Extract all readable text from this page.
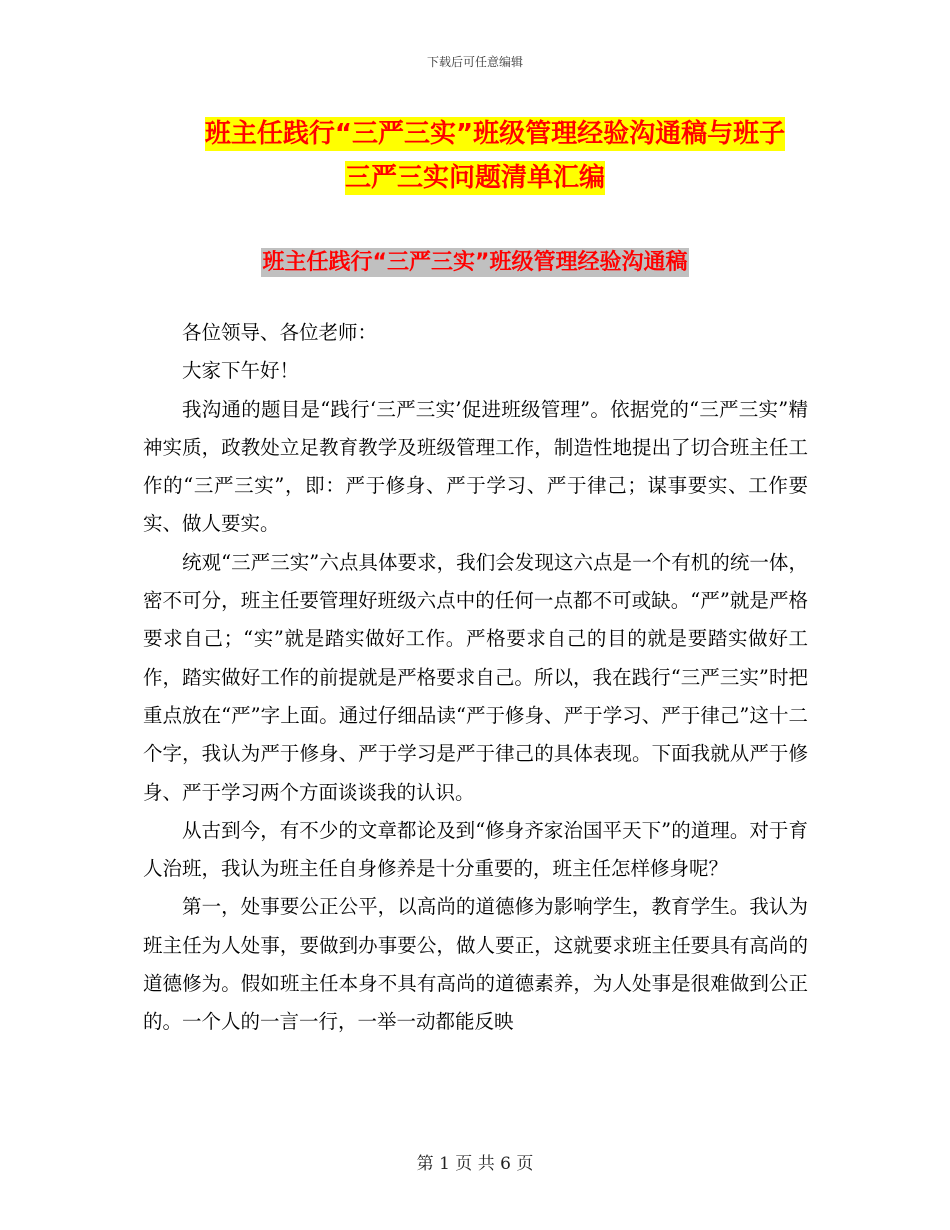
下载后可任意编辑
班主任践行“三严三实”班级管理经验沟通稿与班子
三严三实问题清单汇编
班主任践行“三严三实”班级管理经验沟通稿

各位领导、各位老师：

大家下午好！

我沟通的题目是“践行‘三严三实’促进班级管理”。依据党的“三严三实”精神实质，政教处立足教育教学及班级管理工作，制造性地提出了切合班主任工作的“三严三实”，即：严于修身、严于学习、严于律己；谋事要实、工作要实、做人要实。

统观“三严三实”六点具体要求，我们会发现这六点是一个有机的统一体，密不可分，班主任要管理好班级六点中的任何一点都不可或缺。“严”就是严格要求自己；“实”就是踏实做好工作。严格要求自己的目的就是要踏实做好工作，踏实做好工作的前提就是严格要求自己。所以，我在践行“三严三实”时把重点放在“严”字上面。通过仔细品读“严于修身、严于学习、严于律己”这十二个字，我认为严于修身、严于学习是严于律己的具体表现。下面我就从严于修身、严于学习两个方面谈谈我的认识。

从古到今，有不少的文章都论及到“修身齐家治国平天下”的道理。对于育人治班，我认为班主任自身修养是十分重要的，班主任怎样修身呢？

第一，处事要公正公平，以高尚的道德修为影响学生，教育学生。我认为班主任为人处事，要做到办事要公，做人要正，这就要求班主任要具有高尚的道德修为。假如班主任本身不具有高尚的道德素养，为人处事是很难做到公正的。一个人的一言一行，一举一动都能反映

第 1 页 共 6 页
